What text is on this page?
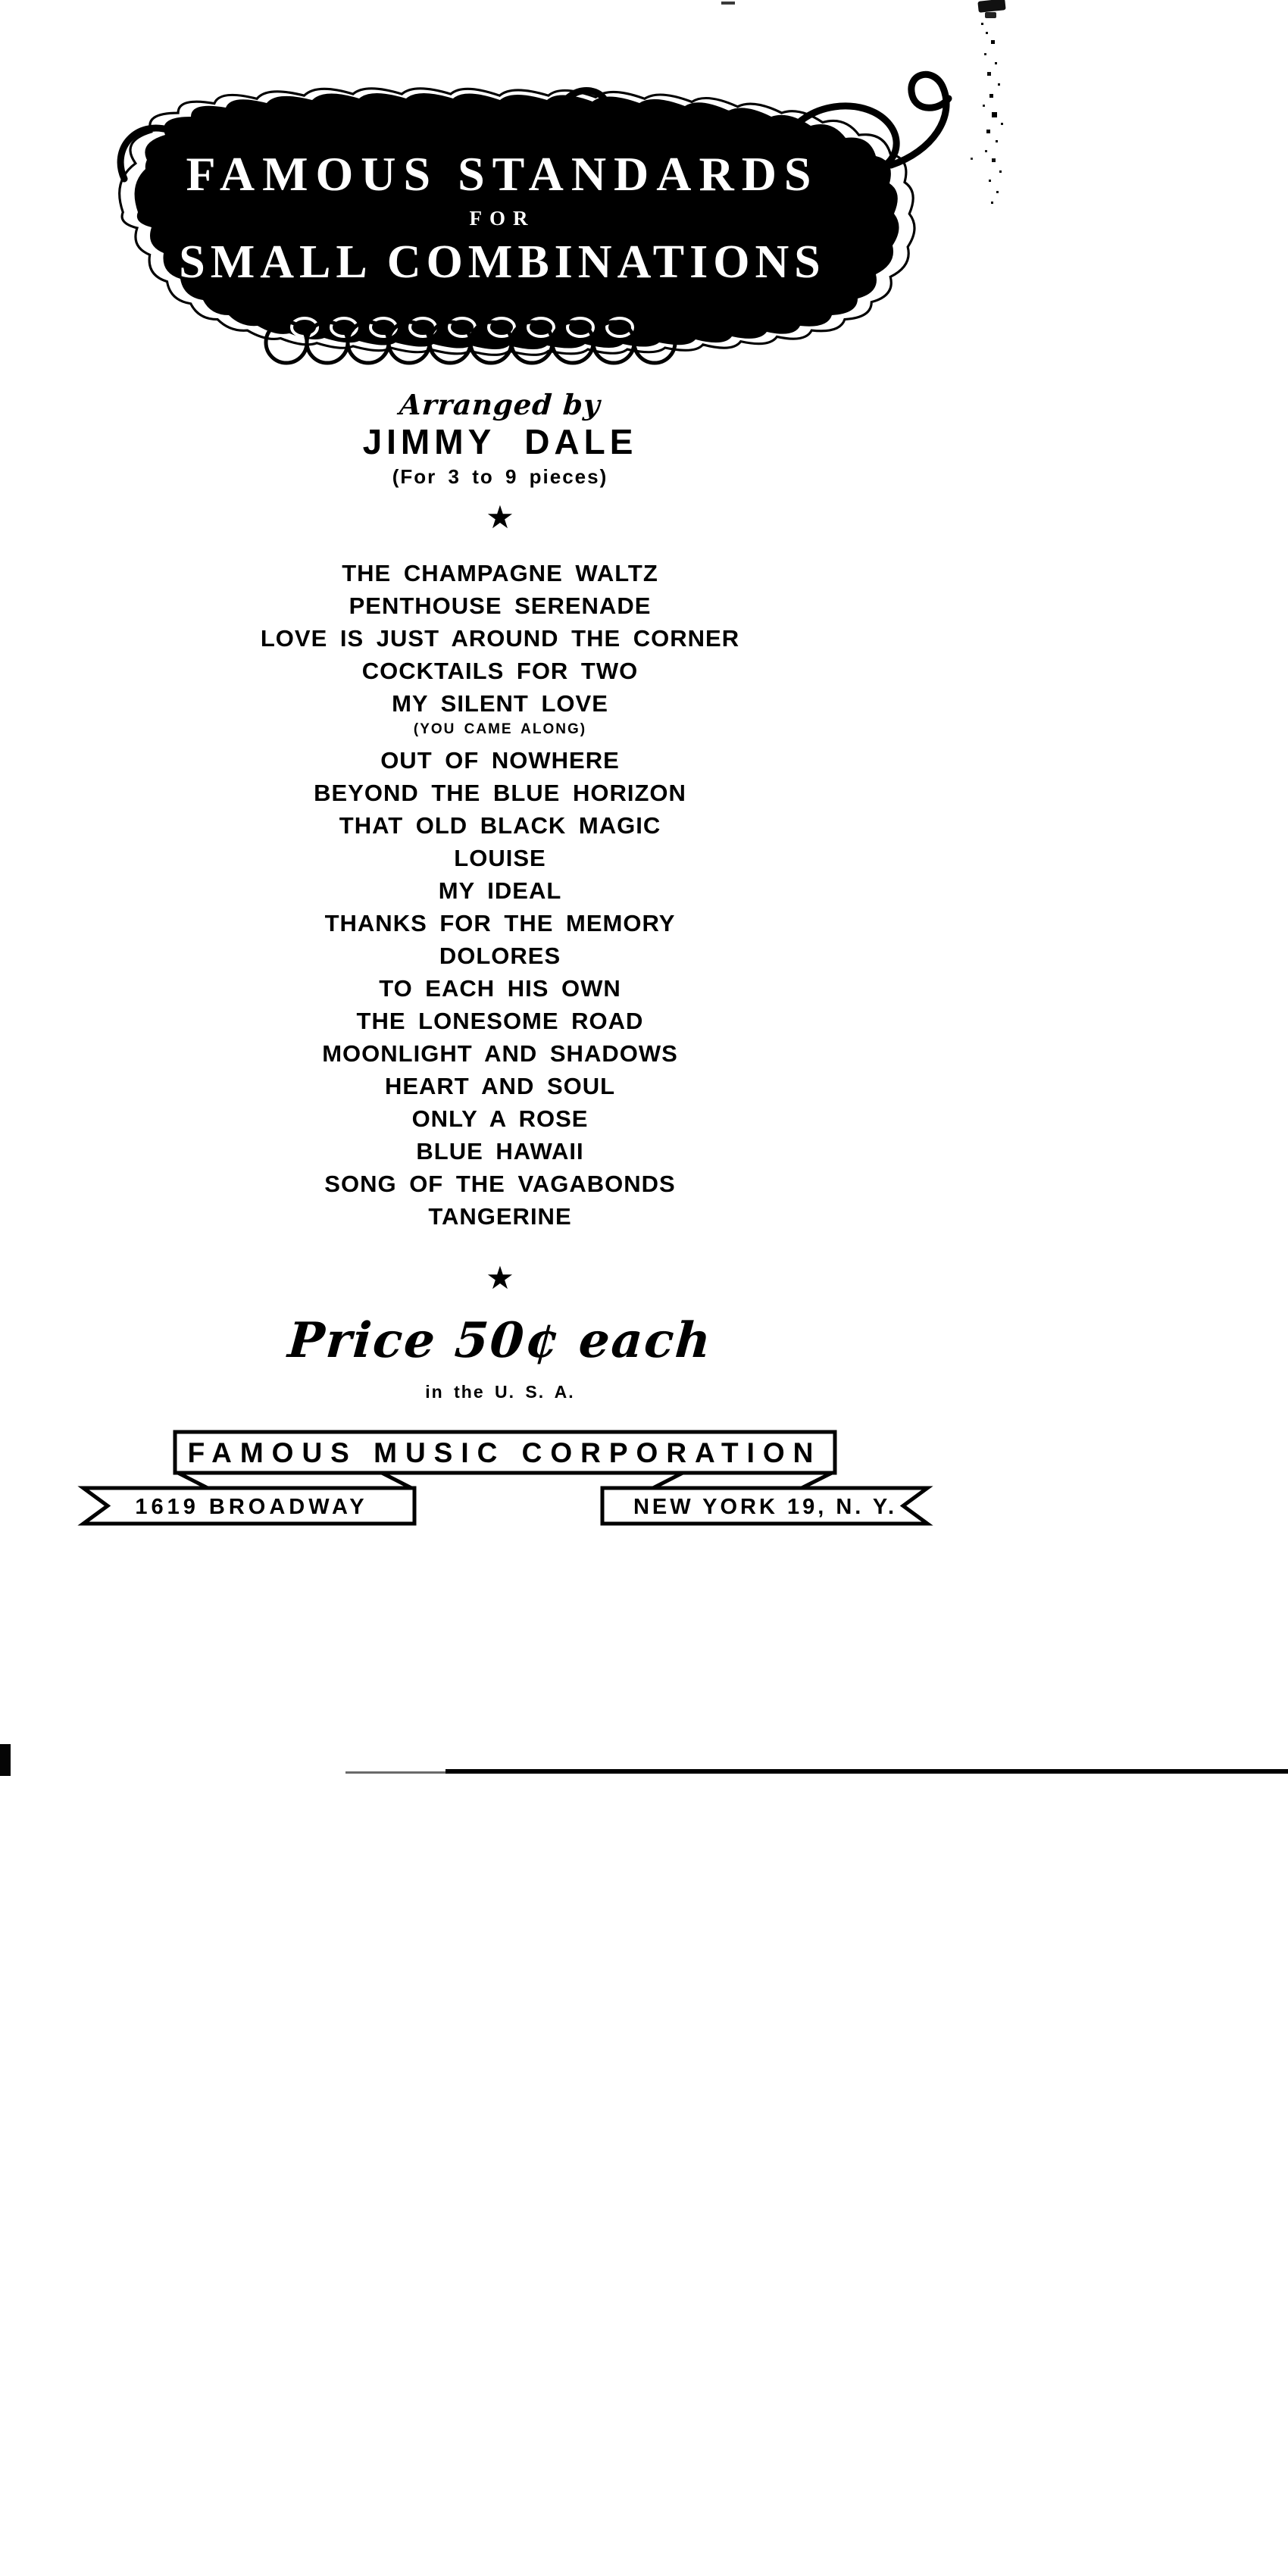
FAMOUS STANDARDS
FOR
SMALL COMBINATIONS
Arranged by
JIMMY DALE
(For 3 to 9 pieces)
★
THE CHAMPAGNE WALTZ
PENTHOUSE SERENADE
LOVE IS JUST AROUND THE CORNER
COCKTAILS FOR TWO
MY SILENT LOVE
(YOU CAME ALONG)
OUT OF NOWHERE
BEYOND THE BLUE HORIZON
THAT OLD BLACK MAGIC
LOUISE
MY IDEAL
THANKS FOR THE MEMORY
DOLORES
TO EACH HIS OWN
THE LONESOME ROAD
MOONLIGHT AND SHADOWS
HEART AND SOUL
ONLY A ROSE
BLUE HAWAII
SONG OF THE VAGABONDS
TANGERINE
★
Price 50¢ each
in the U. S. A.
FAMOUS MUSIC CORPORATION
1619 BROADWAY	NEW YORK 19, N. Y.
